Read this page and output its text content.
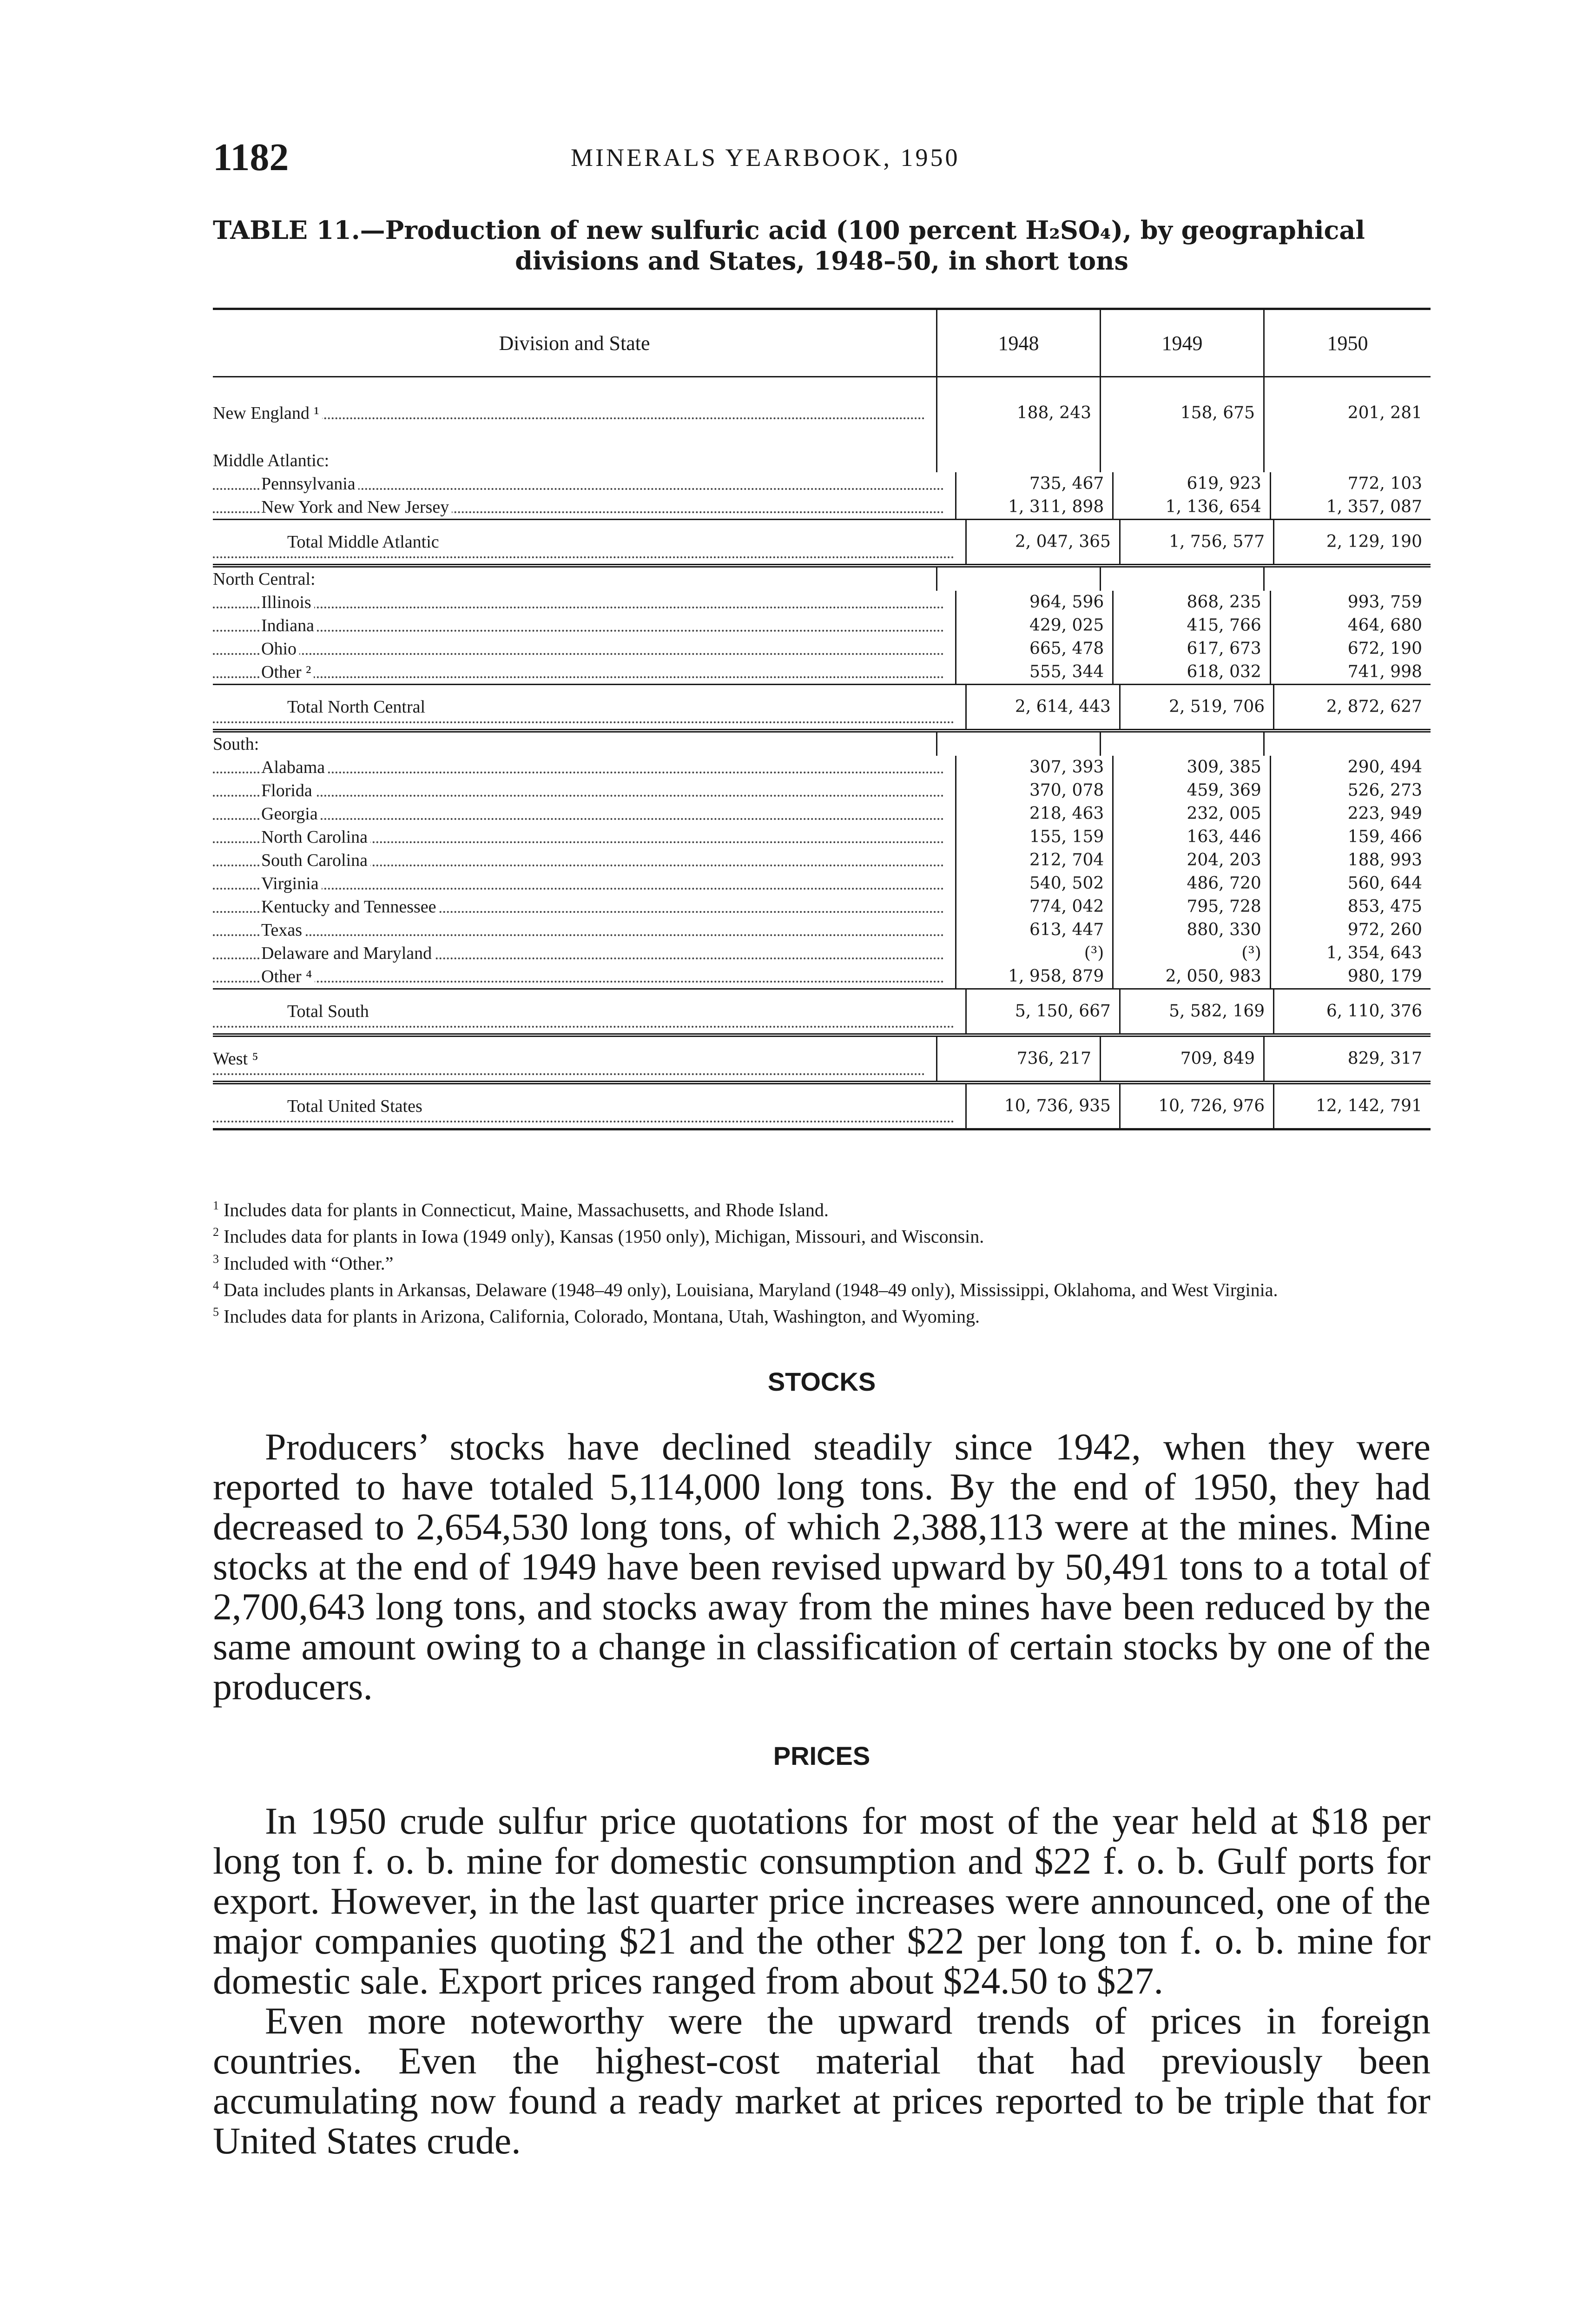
1182	MINERALS YEARBOOK, 1950
TABLE 11.—Production of new sulfuric acid (100 percent H₂SO₄), by geographical
divisions and States, 1948–50, in short tons
Division and State	1948	1949	1950
New England ¹	188, 243	158, 675	201, 281
Middle Atlantic:
Pennsylvania	735, 467	619, 923	772, 103
New York and New Jersey	1, 311, 898	1, 136, 654	1, 357, 087
Total Middle Atlantic	2, 047, 365	1, 756, 577	2, 129, 190
North Central:
Illinois	964, 596	868, 235	993, 759
Indiana	429, 025	415, 766	464, 680
Ohio	665, 478	617, 673	672, 190
Other ²	555, 344	618, 032	741, 998
Total North Central	2, 614, 443	2, 519, 706	2, 872, 627
South:
Alabama	307, 393	309, 385	290, 494
Florida	370, 078	459, 369	526, 273
Georgia	218, 463	232, 005	223, 949
North Carolina	155, 159	163, 446	159, 466
South Carolina	212, 704	204, 203	188, 993
Virginia	540, 502	486, 720	560, 644
Kentucky and Tennessee	774, 042	795, 728	853, 475
Texas	613, 447	880, 330	972, 260
Delaware and Maryland	(³)	(³)	1, 354, 643
Other ⁴	1, 958, 879	2, 050, 983	980, 179
Total South	5, 150, 667	5, 582, 169	6, 110, 376
West ⁵	736, 217	709, 849	829, 317
Total United States	10, 736, 935	10, 726, 976	12, 142, 791

$^1$ Includes data for plants in Connecticut, Maine, Massachusetts, and Rhode Island.

$^2$ Includes data for plants in Iowa (1949 only), Kansas (1950 only), Michigan, Missouri, and Wisconsin.

$^3$ Included with “Other.”

$^4$ Data includes plants in Arkansas, Delaware (1948–49 only), Louisiana, Maryland (1948–49 only), Mississippi, Oklahoma, and West Virginia.

$^5$ Includes data for plants in Arizona, California, Colorado, Montana, Utah, Washington, and Wyoming.

STOCKS

Producers’ stocks have declined steadily since 1942, when they were reported to have totaled 5,114,000 long tons. By the end of 1950, they had decreased to 2,654,530 long tons, of which 2,388,113 were at the mines. Mine stocks at the end of 1949 have been revised upward by 50,491 tons to a total of 2,700,643 long tons, and stocks away from the mines have been reduced by the same amount owing to a change in classification of certain stocks by one of the producers.

PRICES

In 1950 crude sulfur price quotations for most of the year held at $18 per long ton f. o. b. mine for domestic consumption and $22 f. o. b. Gulf ports for export. However, in the last quarter price increases were announced, one of the major companies quoting $21 and the other $22 per long ton f. o. b. mine for domestic sale. Export prices ranged from about $24.50 to $27.

Even more noteworthy were the upward trends of prices in foreign countries. Even the highest-cost material that had previously been accumulating now found a ready market at prices reported to be triple that for United States crude.
